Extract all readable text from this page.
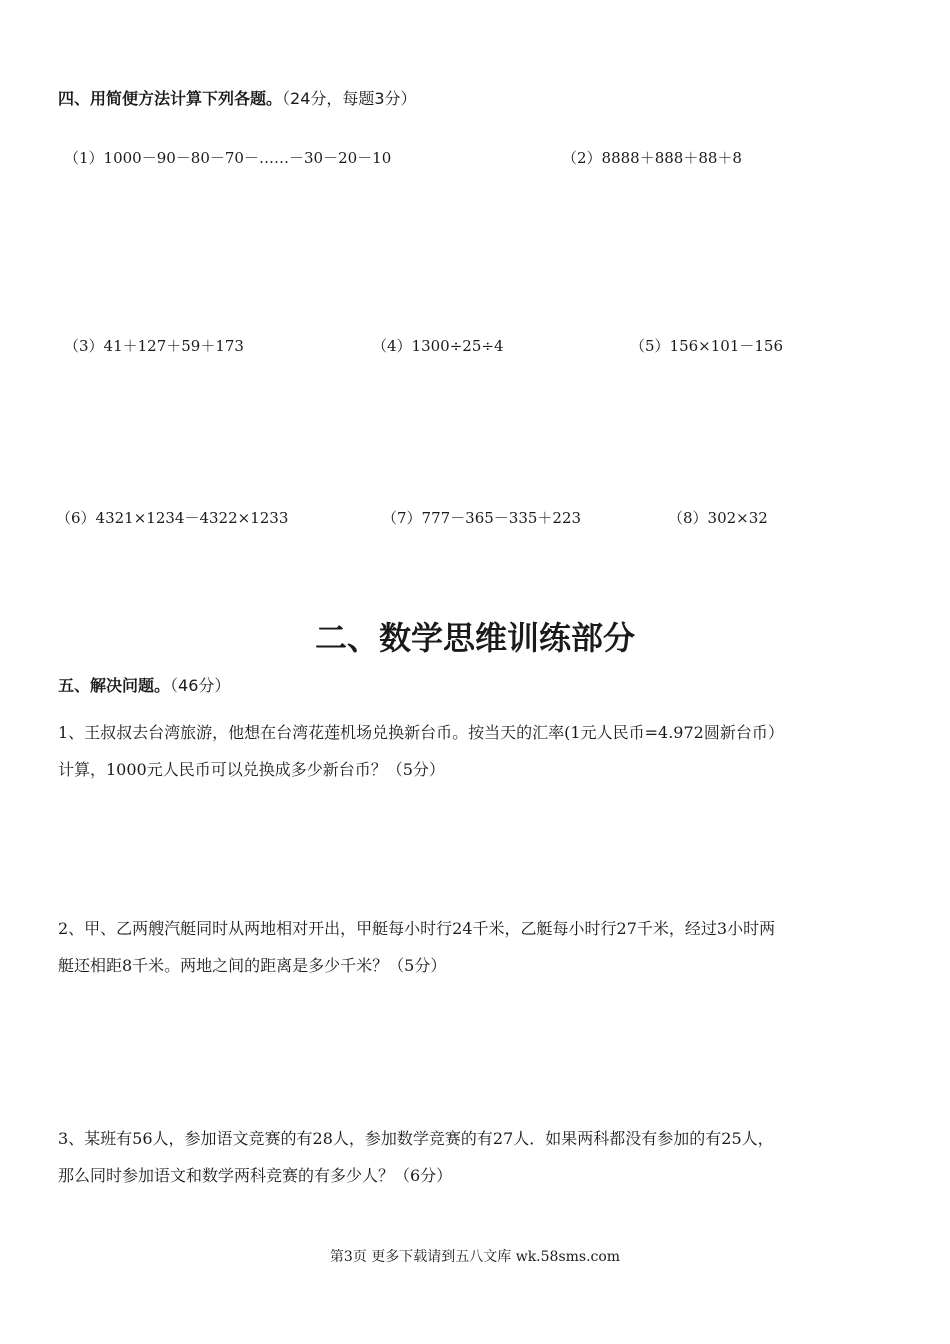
四、用简便方法计算下列各题。（24分，每题3分）
（1）1000－90－80－70－……－30－20－10	（2）8888＋888＋88＋8
（3）41＋127＋59＋173	（4）1300÷25÷4	（5）156×101－156
（6）4321×1234－4322×1233	（7）777－365－335＋223	（8）302×32
二、数学思维训练部分
五、解决问题。（46分）

1、王叔叔去台湾旅游，他想在台湾花莲机场兑换新台币。按当天的汇率(1元人民币=4.972圆新台币）

计算，1000元人民币可以兑换成多少新台币？（5分）

2、甲、乙两艘汽艇同时从两地相对开出，甲艇每小时行24千米，乙艇每小时行27千米，经过3小时两

艇还相距8千米。两地之间的距离是多少千米？（5分）

3、某班有56人，参加语文竞赛的有28人，参加数学竞赛的有27人．如果两科都没有参加的有25人，

那么同时参加语文和数学两科竞赛的有多少人？（6分）

第3页 更多下载请到五八文库 wk.58sms.com
